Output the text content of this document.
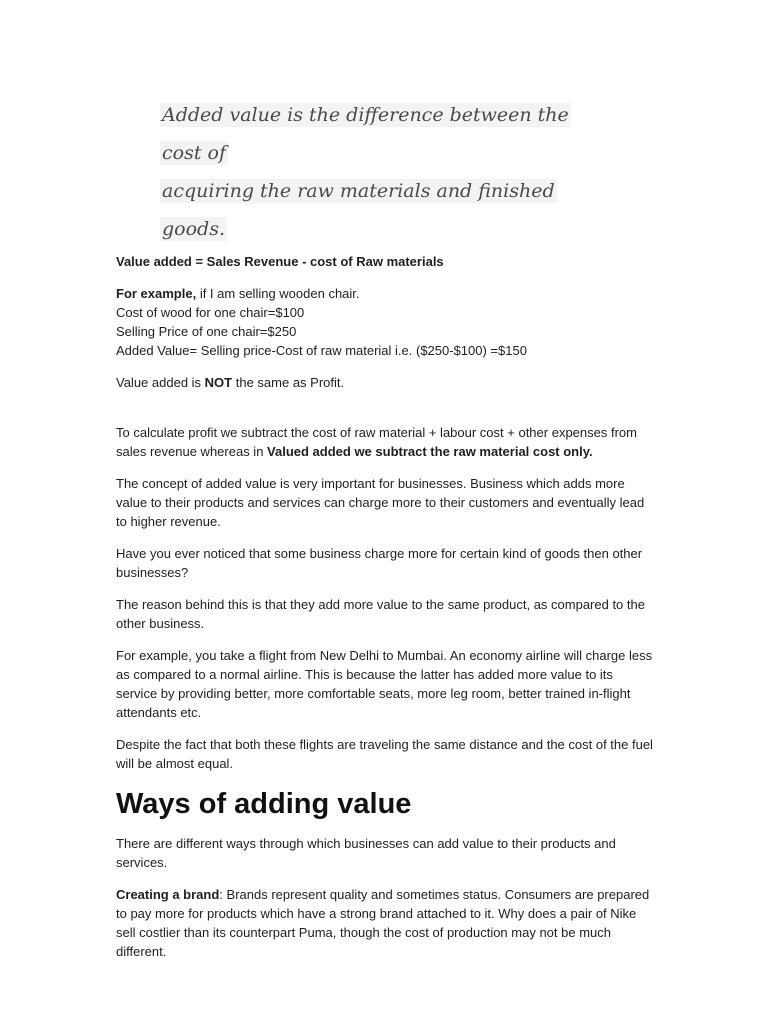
Added value is the difference between the cost of
acquiring the raw materials and finished goods.
Value added = Sales Revenue - cost of Raw materials
For example, if I am selling wooden chair.
Cost of wood for one chair=$100
Selling Price of one chair=$250
Added Value= Selling price-Cost of raw material i.e. ($250-$100) =$150

Value added is NOT the same as Profit.

To calculate profit we subtract the cost of raw material + labour cost + other expenses from sales revenue whereas in Valued added we subtract the raw material cost only.

The concept of added value is very important for businesses. Business which adds more value to their products and services can charge more to their customers and eventually lead to higher revenue.

Have you ever noticed that some business charge more for certain kind of goods then other businesses?

The reason behind this is that they add more value to the same product, as compared to the other business.

For example, you take a flight from New Delhi to Mumbai. An economy airline will charge less as compared to a normal airline. This is because the latter has added more value to its service by providing better, more comfortable seats, more leg room, better trained in-flight attendants etc.

Despite the fact that both these flights are traveling the same distance and the cost of the fuel will be almost equal.

Ways of adding value

There are different ways through which businesses can add value to their products and services.

Creating a brand: Brands represent quality and sometimes status. Consumers are prepared to pay more for products which have a strong brand attached to it. Why does a pair of Nike sell costlier than its counterpart Puma, though the cost of production may not be much different.
